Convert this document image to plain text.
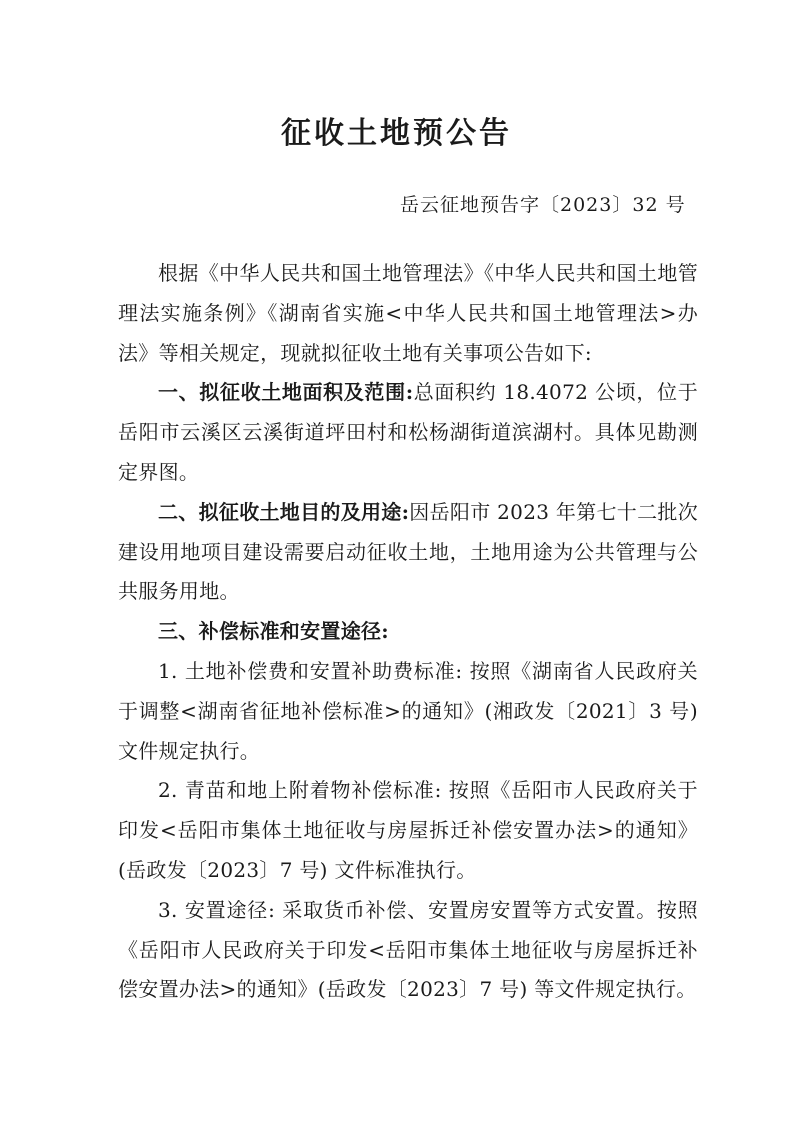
征收土地预公告
岳云征地预告字〔2023〕32 号

根据《中华人民共和国土地管理法》《中华人民共和国土地管理法实施条例》《湖南省实施<中华人民共和国土地管理法>办法》等相关规定，现就拟征收土地有关事项公告如下:

一、拟征收土地面积及范围:总面积约 18.4072 公顷，位于岳阳市云溪区云溪街道坪田村和松杨湖街道滨湖村。具体见勘测定界图。

二、拟征收土地目的及用途:因岳阳市 2023 年第七十二批次建设用地项目建设需要启动征收土地，土地用途为公共管理与公共服务用地。

三、补偿标准和安置途径:

1. 土地补偿费和安置补助费标准: 按照《湖南省人民政府关于调整<湖南省征地补偿标准>的通知》(湘政发〔2021〕3 号) 文件规定执行。

2. 青苗和地上附着物补偿标准: 按照《岳阳市人民政府关于印发<岳阳市集体土地征收与房屋拆迁补偿安置办法>的通知》(岳政发〔2023〕7 号) 文件标准执行。

3. 安置途径: 采取货币补偿、安置房安置等方式安置。按照《岳阳市人民政府关于印发<岳阳市集体土地征收与房屋拆迁补偿安置办法>的通知》(岳政发〔2023〕7 号) 等文件规定执行。
